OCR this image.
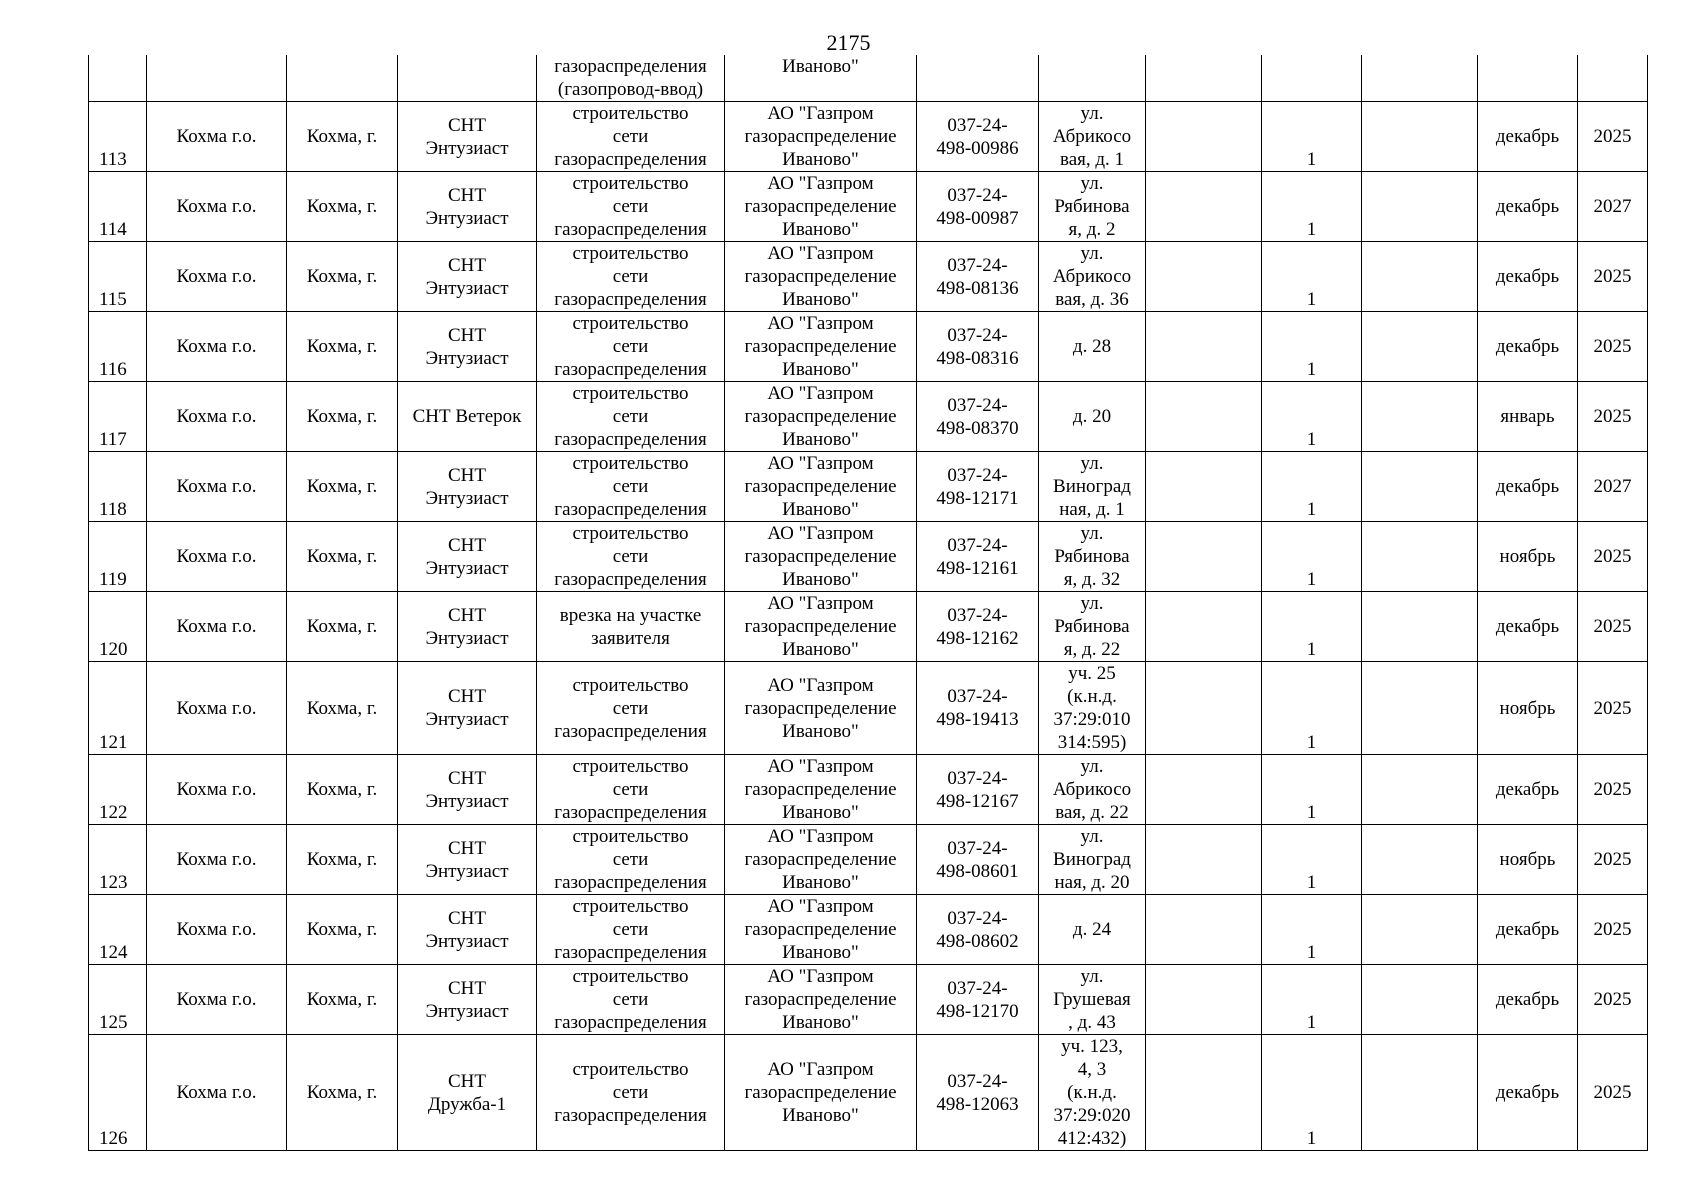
2175

				газораспределения
(газопровод-ввод)	Иваново"							

113	Кохма г.о.	Кохма, г.	СНТ
Энтузиаст	строительство
сети
газораспределения	АО "Газпром
газораспределение
Иваново"	037-24-
498-00986	ул.
Абрикосо
вая, д. 1		1		декабрь	2025

114	Кохма г.о.	Кохма, г.	СНТ
Энтузиаст	строительство
сети
газораспределения	АО "Газпром
газораспределение
Иваново"	037-24-
498-00987	ул.
Рябинова
я, д. 2		1		декабрь	2027

115	Кохма г.о.	Кохма, г.	СНТ
Энтузиаст	строительство
сети
газораспределения	АО "Газпром
газораспределение
Иваново"	037-24-
498-08136	ул.
Абрикосо
вая, д. 36		1		декабрь	2025

116	Кохма г.о.	Кохма, г.	СНТ
Энтузиаст	строительство
сети
газораспределения	АО "Газпром
газораспределение
Иваново"	037-24-
498-08316	д. 28		1		декабрь	2025

117	Кохма г.о.	Кохма, г.	СНТ Ветерок	строительство
сети
газораспределения	АО "Газпром
газораспределение
Иваново"	037-24-
498-08370	д. 20		1		январь	2025

118	Кохма г.о.	Кохма, г.	СНТ
Энтузиаст	строительство
сети
газораспределения	АО "Газпром
газораспределение
Иваново"	037-24-
498-12171	ул.
Виноград
ная, д. 1		1		декабрь	2027

119	Кохма г.о.	Кохма, г.	СНТ
Энтузиаст	строительство
сети
газораспределения	АО "Газпром
газораспределение
Иваново"	037-24-
498-12161	ул.
Рябинова
я, д. 32		1		ноябрь	2025

120	Кохма г.о.	Кохма, г.	СНТ
Энтузиаст	врезка на участке
заявителя	АО "Газпром
газораспределение
Иваново"	037-24-
498-12162	ул.
Рябинова
я, д. 22		1		декабрь	2025

121	Кохма г.о.	Кохма, г.	СНТ
Энтузиаст	строительство
сети
газораспределения	АО "Газпром
газораспределение
Иваново"	037-24-
498-19413	уч. 25
(к.н.д.
37:29:010
314:595)		1		ноябрь	2025

122	Кохма г.о.	Кохма, г.	СНТ
Энтузиаст	строительство
сети
газораспределения	АО "Газпром
газораспределение
Иваново"	037-24-
498-12167	ул.
Абрикосо
вая, д. 22		1		декабрь	2025

123	Кохма г.о.	Кохма, г.	СНТ
Энтузиаст	строительство
сети
газораспределения	АО "Газпром
газораспределение
Иваново"	037-24-
498-08601	ул.
Виноград
ная, д. 20		1		ноябрь	2025

124	Кохма г.о.	Кохма, г.	СНТ
Энтузиаст	строительство
сети
газораспределения	АО "Газпром
газораспределение
Иваново"	037-24-
498-08602	д. 24		1		декабрь	2025

125	Кохма г.о.	Кохма, г.	СНТ
Энтузиаст	строительство
сети
газораспределения	АО "Газпром
газораспределение
Иваново"	037-24-
498-12170	ул.
Грушевая
, д. 43		1		декабрь	2025

126	Кохма г.о.	Кохма, г.	СНТ
Дружба-1	строительство
сети
газораспределения	АО "Газпром
газораспределение
Иваново"	037-24-
498-12063	уч. 123,
4, 3
(к.н.д.
37:29:020
412:432)		1		декабрь	2025
